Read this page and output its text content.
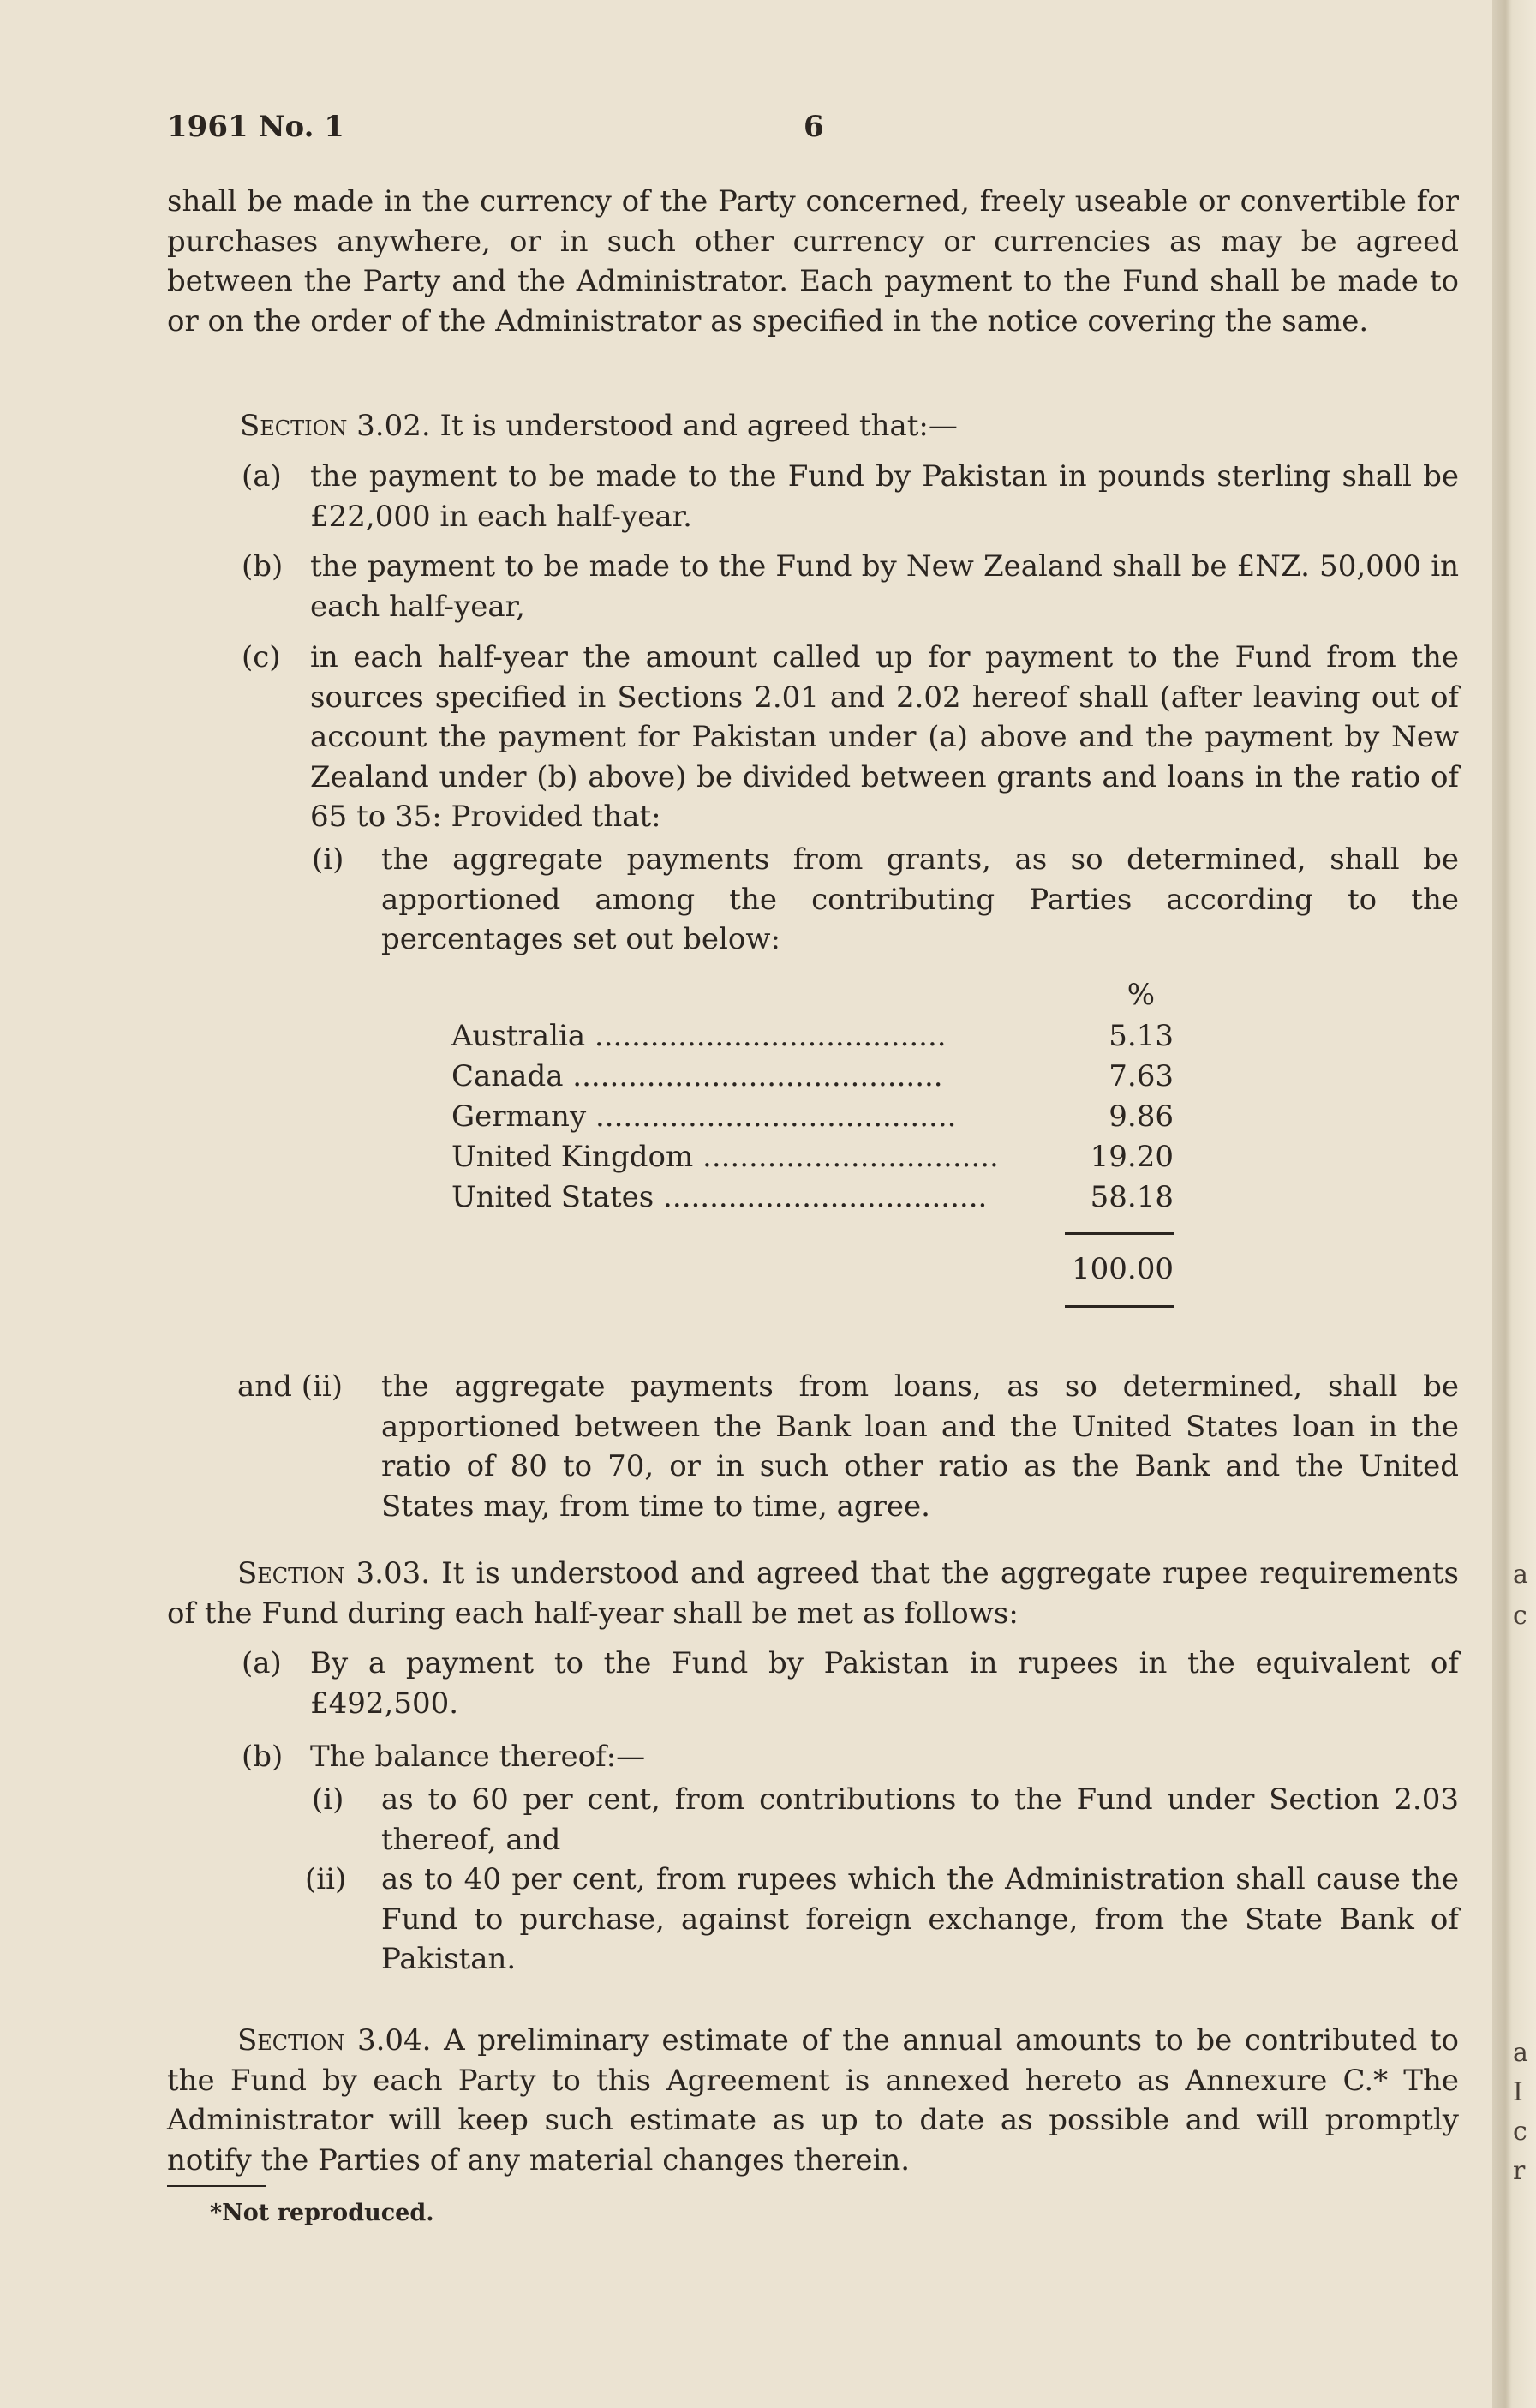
a
c
a
I
c
r
1961 No. 1	6
shall be made in the currency of the Party concerned, freely useable or convertible for purchases anywhere, or in such other currency or currencies as may be agreed between the Party and the Administrator. Each payment to the Fund shall be made to or on the order of the Administrator as specified in the notice covering the same.
Section 3.02. It is understood and agreed that:—
(a) the payment to be made to the Fund by Pakistan in pounds sterling shall be £22,000 in each half-year.
(b) the payment to be made to the Fund by New Zealand shall be £NZ. 50,000 in each half-year,
(c) in each half-year the amount called up for payment to the Fund from the sources specified in Sections 2.01 and 2.02 hereof shall (after leaving out of account the payment for Pakistan under (a) above and the payment by New Zealand under (b) above) be divided between grants and loans in the ratio of 65 to 35: Provided that:
(i) the aggregate payments from grants, as so determined, shall be apportioned among the contributing Parties according to the percentages set out below:
%
Australia ......................................	5.13
Canada ........................................	7.63
Germany .......................................	9.86
United Kingdom ................................	19.20
United States ...................................	58.18
100.00
and (ii) the aggregate payments from loans, as so determined, shall be apportioned between the Bank loan and the United States loan in the ratio of 80 to 70, or in such other ratio as the Bank and the United States may, from time to time, agree.
Section 3.03. It is understood and agreed that the aggregate rupee requirements of the Fund during each half-year shall be met as follows:
(a) By a payment to the Fund by Pakistan in rupees in the equivalent of £492,500.
(b) The balance thereof:—
(i) as to 60 per cent, from contributions to the Fund under Section 2.03 thereof, and
(ii) as to 40 per cent, from rupees which the Administration shall cause the Fund to purchase, against foreign exchange, from the State Bank of Pakistan.
Section 3.04. A preliminary estimate of the annual amounts to be contributed to the Fund by each Party to this Agreement is annexed hereto as Annexure C.* The Administrator will keep such estimate as up to date as possible and will promptly notify the Parties of any material changes therein.
*Not reproduced.
